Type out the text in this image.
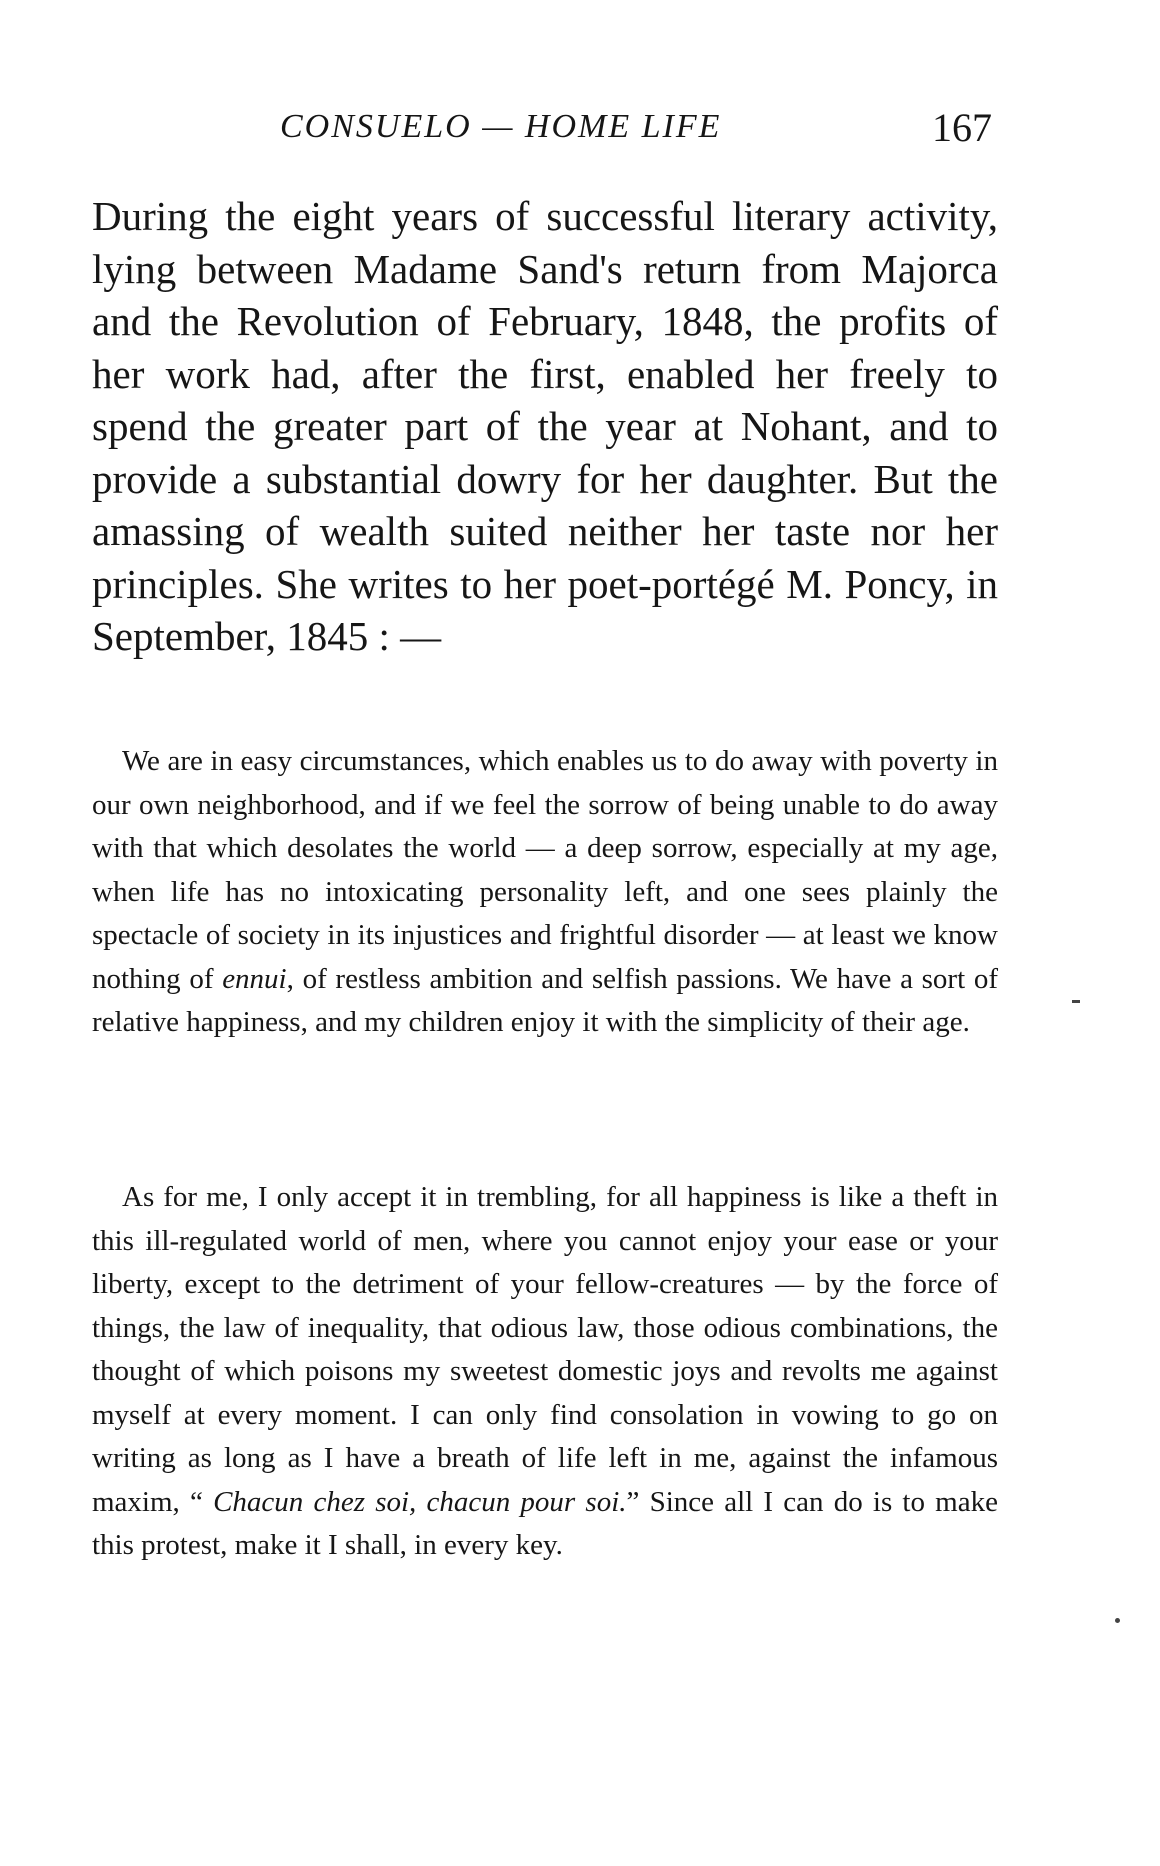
CONSUELO — HOME LIFE	167

During the eight years of successful literary activity, lying between Madame Sand's return from Majorca and the Revolution of February, 1848, the profits of her work had, after the first, enabled her freely to spend the greater part of the year at Nohant, and to provide a substantial dowry for her daughter. But the amassing of wealth suited neither her taste nor her principles. She writes to her poet-portégé M. Poncy, in September, 1845 : —

We are in easy circumstances, which enables us to do away with poverty in our own neighborhood, and if we feel the sorrow of being unable to do away with that which desolates the world — a deep sorrow, especially at my age, when life has no intoxicating personality left, and one sees plainly the spectacle of society in its injustices and frightful disorder — at least we know nothing of ennui, of restless ambition and selfish passions. We have a sort of relative happiness, and my children enjoy it with the simplicity of their age.

As for me, I only accept it in trembling, for all happiness is like a theft in this ill-regulated world of men, where you cannot enjoy your ease or your liberty, except to the detriment of your fellow-creatures — by the force of things, the law of inequality, that odious law, those odious combinations, the thought of which poisons my sweetest domestic joys and revolts me against myself at every moment. I can only find consolation in vowing to go on writing as long as I have a breath of life left in me, against the infamous maxim, “ Chacun chez soi, chacun pour soi.” Since all I can do is to make this protest, make it I shall, in every key.
